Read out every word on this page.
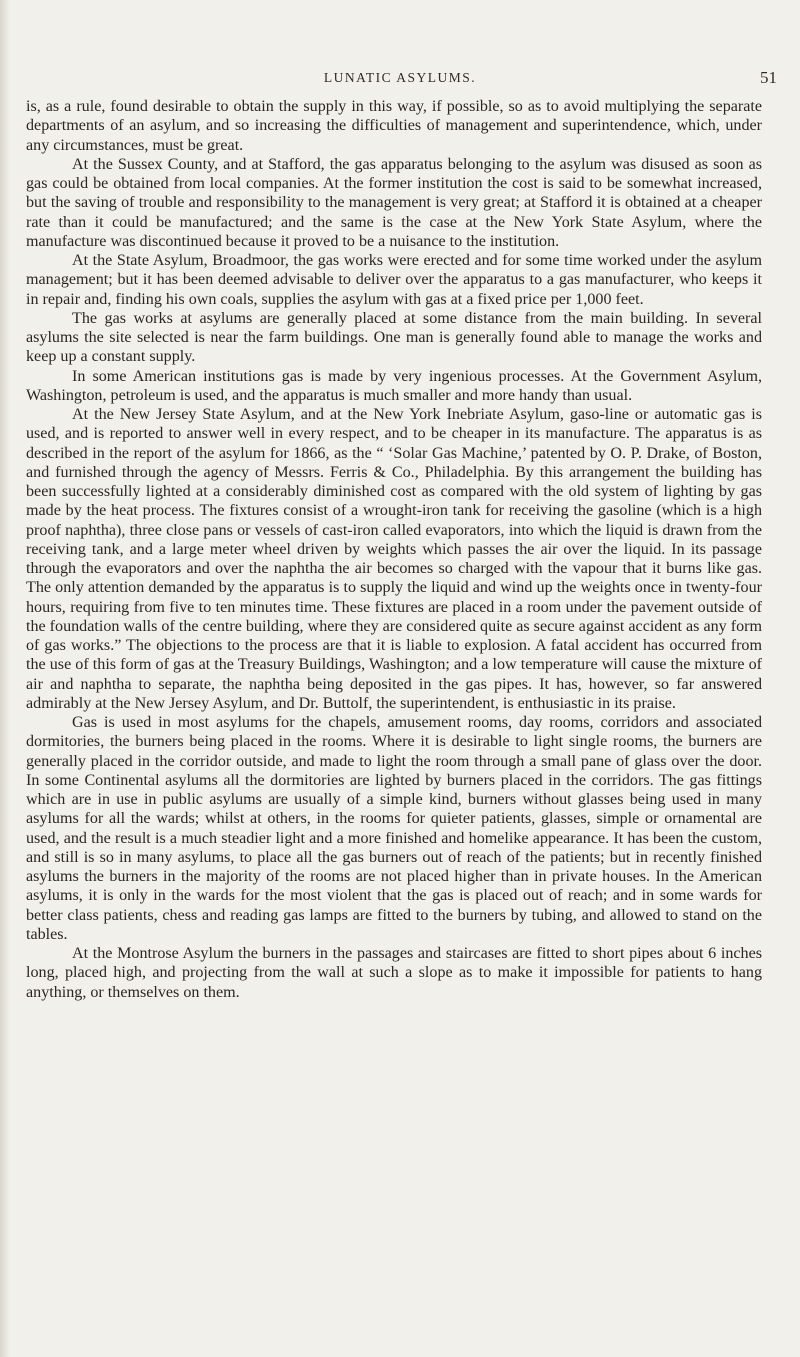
LUNATIC ASYLUMS.	51

is, as a rule, found desirable to obtain the supply in this way, if possible, so as to avoid multiplying the separate departments of an asylum, and so increasing the difficulties of management and superintendence, which, under any circumstances, must be great.

At the Sussex County, and at Stafford, the gas apparatus belonging to the asylum was disused as soon as gas could be obtained from local companies. At the former institution the cost is said to be somewhat increased, but the saving of trouble and responsibility to the management is very great; at Stafford it is obtained at a cheaper rate than it could be manufactured; and the same is the case at the New York State Asylum, where the manufacture was discontinued because it proved to be a nuisance to the institution.

At the State Asylum, Broadmoor, the gas works were erected and for some time worked under the asylum management; but it has been deemed advisable to deliver over the apparatus to a gas manufacturer, who keeps it in repair and, finding his own coals, supplies the asylum with gas at a fixed price per 1,000 feet.

The gas works at asylums are generally placed at some distance from the main building. In several asylums the site selected is near the farm buildings. One man is generally found able to manage the works and keep up a constant supply.

In some American institutions gas is made by very ingenious processes. At the Government Asylum, Washington, petroleum is used, and the apparatus is much smaller and more handy than usual.

At the New Jersey State Asylum, and at the New York Inebriate Asylum, gaso-line or automatic gas is used, and is reported to answer well in every respect, and to be cheaper in its manufacture. The apparatus is as described in the report of the asylum for 1866, as the “ ‘Solar Gas Machine,’ patented by O. P. Drake, of Boston, and furnished through the agency of Messrs. Ferris & Co., Philadelphia. By this arrangement the building has been successfully lighted at a considerably diminished cost as compared with the old system of lighting by gas made by the heat process. The fixtures consist of a wrought-iron tank for receiving the gasoline (which is a high proof naphtha), three close pans or vessels of cast-iron called evaporators, into which the liquid is drawn from the receiving tank, and a large meter wheel driven by weights which passes the air over the liquid. In its passage through the evaporators and over the naphtha the air becomes so charged with the vapour that it burns like gas. The only attention demanded by the apparatus is to supply the liquid and wind up the weights once in twenty-four hours, requiring from five to ten minutes time. These fixtures are placed in a room under the pavement outside of the foundation walls of the centre building, where they are considered quite as secure against accident as any form of gas works.” The objections to the process are that it is liable to explosion. A fatal accident has occurred from the use of this form of gas at the Treasury Buildings, Washington; and a low temperature will cause the mixture of air and naphtha to separate, the naphtha being deposited in the gas pipes. It has, however, so far answered admirably at the New Jersey Asylum, and Dr. Buttolf, the superintendent, is enthusiastic in its praise.

Gas is used in most asylums for the chapels, amusement rooms, day rooms, corridors and associated dormitories, the burners being placed in the rooms. Where it is desirable to light single rooms, the burners are generally placed in the corridor outside, and made to light the room through a small pane of glass over the door. In some Continental asylums all the dormitories are lighted by burners placed in the corridors. The gas fittings which are in use in public asylums are usually of a simple kind, burners without glasses being used in many asylums for all the wards; whilst at others, in the rooms for quieter patients, glasses, simple or ornamental are used, and the result is a much steadier light and a more finished and homelike appearance. It has been the custom, and still is so in many asylums, to place all the gas burners out of reach of the patients; but in recently finished asylums the burners in the majority of the rooms are not placed higher than in private houses. In the American asylums, it is only in the wards for the most violent that the gas is placed out of reach; and in some wards for better class patients, chess and reading gas lamps are fitted to the burners by tubing, and allowed to stand on the tables.

At the Montrose Asylum the burners in the passages and staircases are fitted to short pipes about 6 inches long, placed high, and projecting from the wall at such a slope as to make it impossible for patients to hang anything, or themselves on them.
